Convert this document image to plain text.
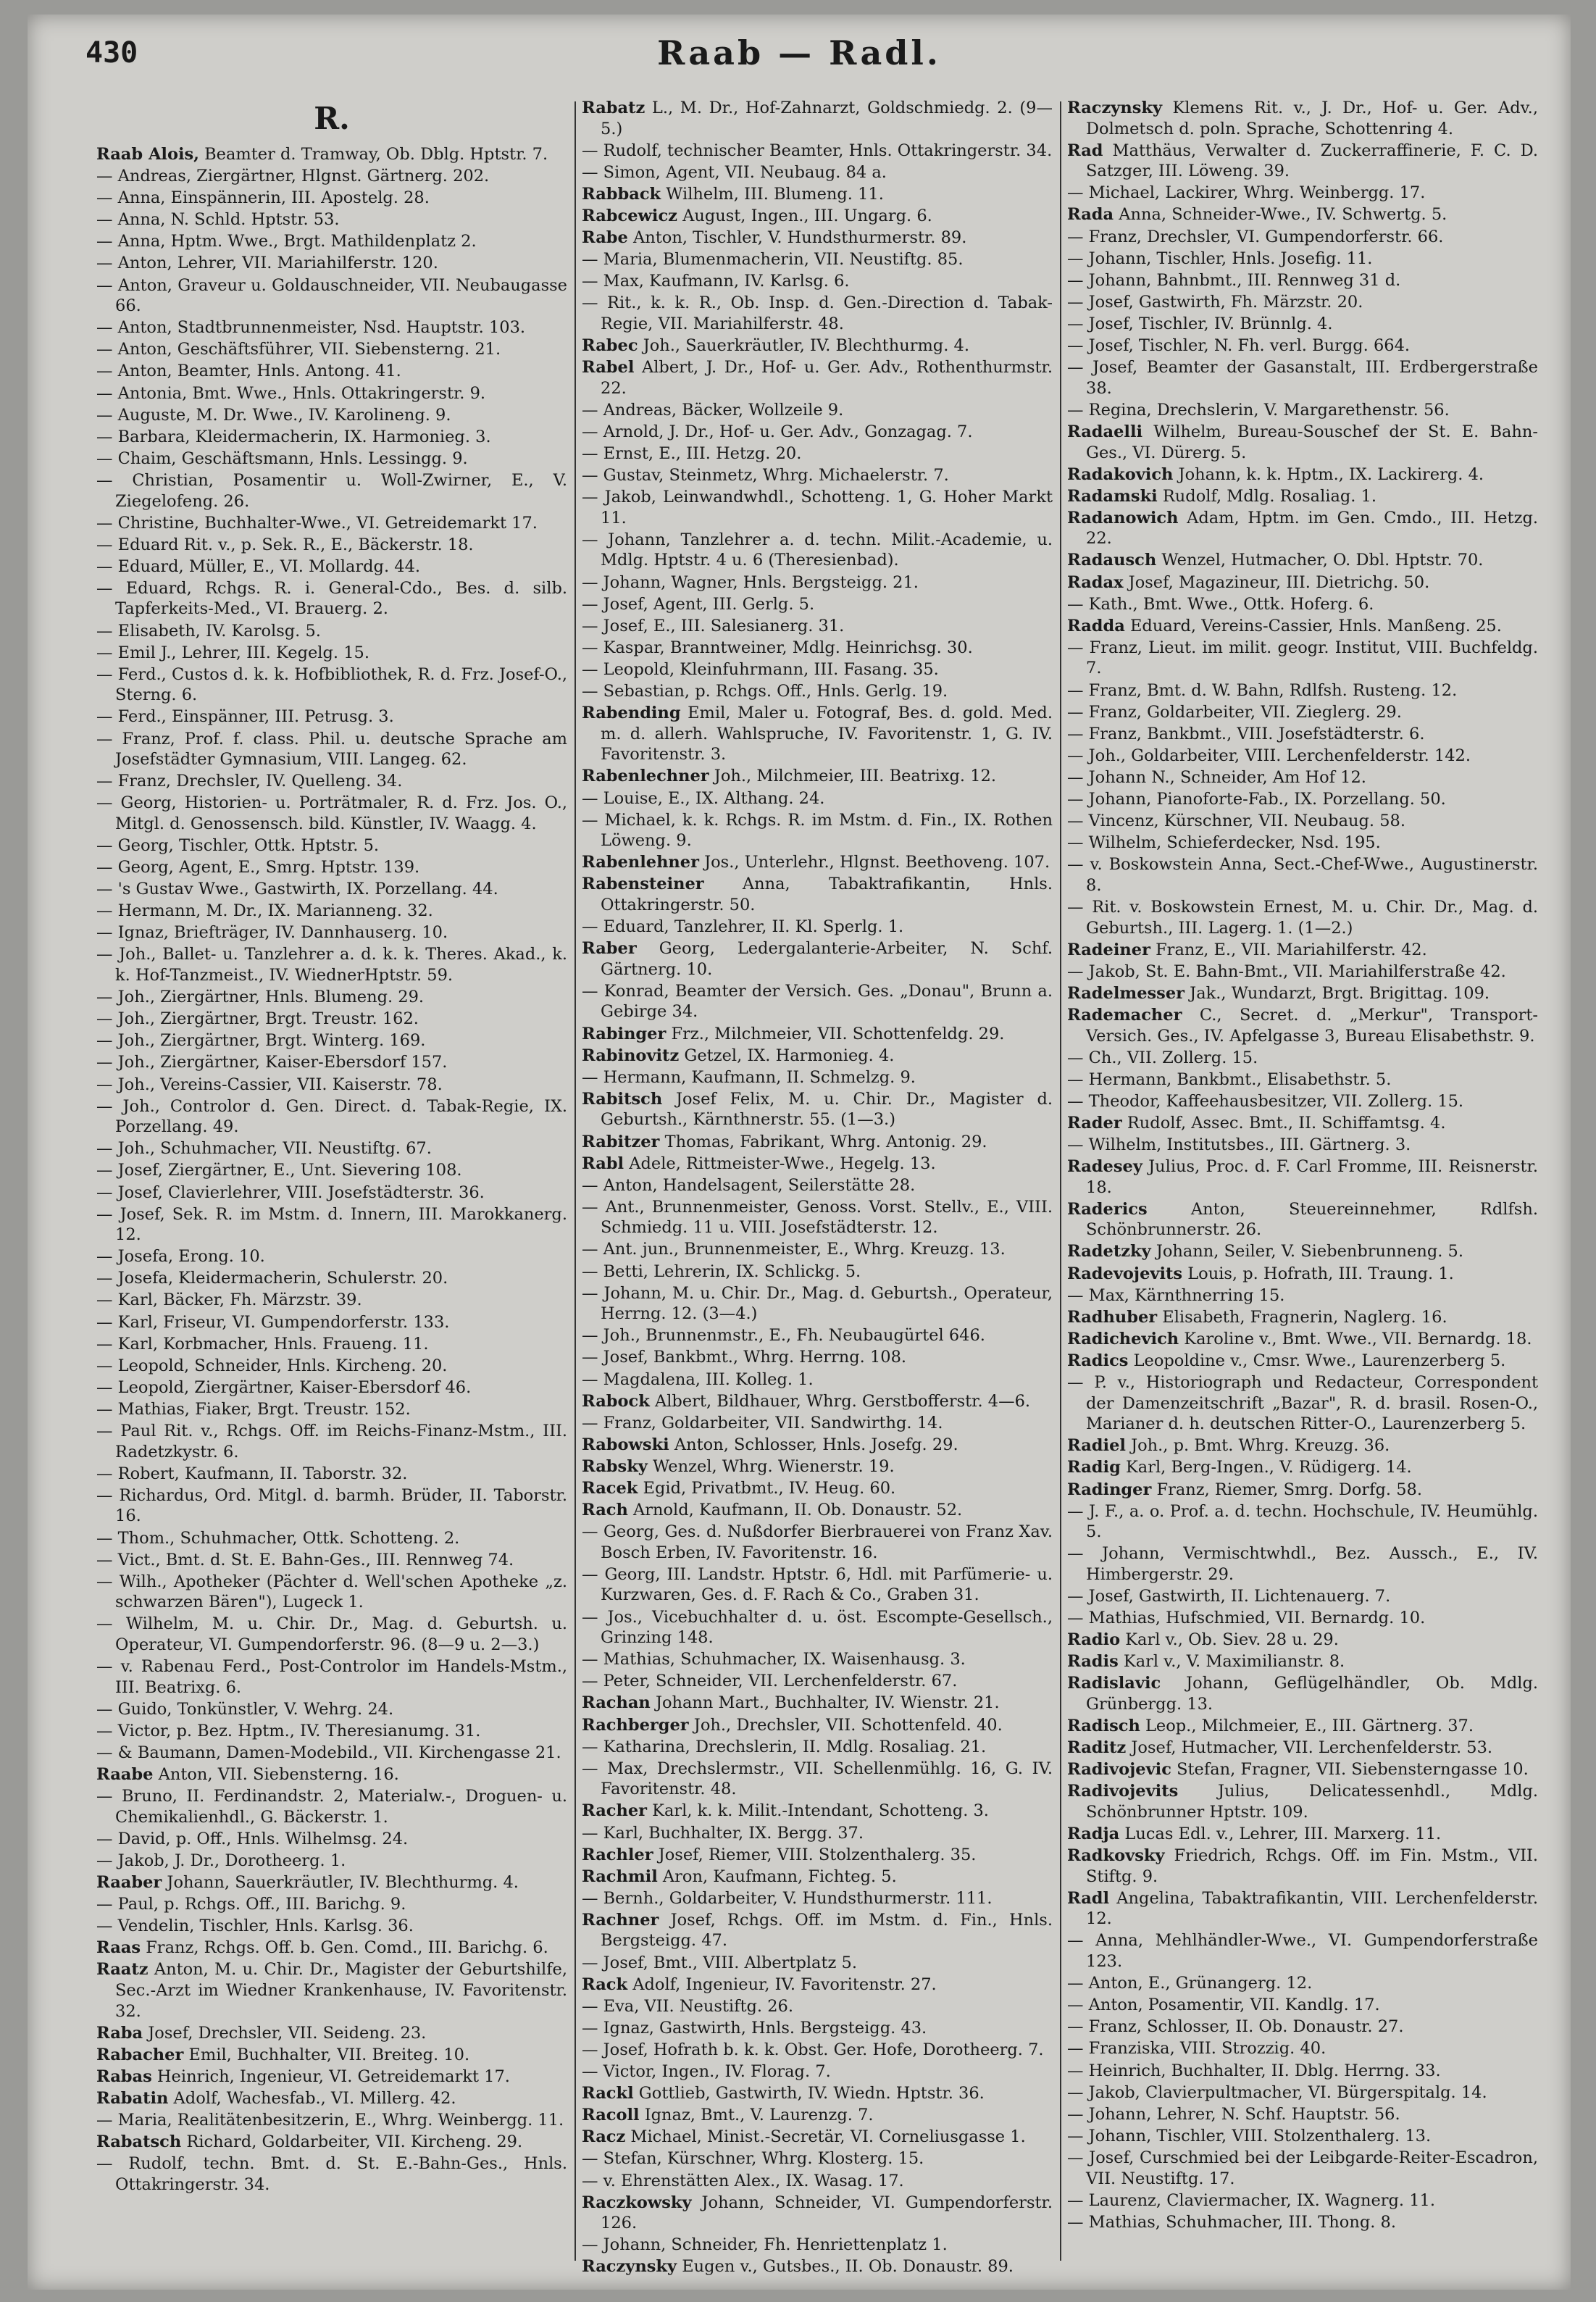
430	Raab — Radl.
R.

Raab Alois, Beamter d. Tramway, Ob. Dblg. Hptstr. 7.

— Andreas, Ziergärtner, Hlgnst. Gärtnerg. 202.

— Anna, Einspännerin, III. Apostelg. 28.

— Anna, N. Schld. Hptstr. 53.

— Anna, Hptm. Wwe., Brgt. Mathildenplatz 2.

— Anton, Lehrer, VII. Mariahilferstr. 120.

— Anton, Graveur u. Goldauschneider, VII. Neubaugasse 66.

— Anton, Stadtbrunnenmeister, Nsd. Hauptstr. 103.

— Anton, Geschäftsführer, VII. Siebensterng. 21.

— Anton, Beamter, Hnls. Antong. 41.

— Antonia, Bmt. Wwe., Hnls. Ottakringerstr. 9.

— Auguste, M. Dr. Wwe., IV. Karolineng. 9.

— Barbara, Kleidermacherin, IX. Harmonieg. 3.

— Chaim, Geschäftsmann, Hnls. Lessingg. 9.

— Christian, Posamentir u. Woll-Zwirner, E., V. Ziegelofeng. 26.

— Christine, Buchhalter-Wwe., VI. Getreidemarkt 17.

— Eduard Rit. v., p. Sek. R., E., Bäckerstr. 18.

— Eduard, Müller, E., VI. Mollardg. 44.

— Eduard, Rchgs. R. i. General-Cdo., Bes. d. silb. Tapferkeits-Med., VI. Brauerg. 2.

— Elisabeth, IV. Karolsg. 5.

— Emil J., Lehrer, III. Kegelg. 15.

— Ferd., Custos d. k. k. Hofbibliothek, R. d. Frz. Josef-O., Sterng. 6.

— Ferd., Einspänner, III. Petrusg. 3.

— Franz, Prof. f. class. Phil. u. deutsche Sprache am Josefstädter Gymnasium, VIII. Langeg. 62.

— Franz, Drechsler, IV. Quelleng. 34.

— Georg, Historien- u. Porträtmaler, R. d. Frz. Jos. O., Mitgl. d. Genossensch. bild. Künstler, IV. Waagg. 4.

— Georg, Tischler, Ottk. Hptstr. 5.

— Georg, Agent, E., Smrg. Hptstr. 139.

— 's Gustav Wwe., Gastwirth, IX. Porzellang. 44.

— Hermann, M. Dr., IX. Marianneng. 32.

— Ignaz, Briefträger, IV. Dannhauserg. 10.

— Joh., Ballet- u. Tanzlehrer a. d. k. k. Theres. Akad., k. k. Hof-Tanzmeist., IV. WiednerHptstr. 59.

— Joh., Ziergärtner, Hnls. Blumeng. 29.

— Joh., Ziergärtner, Brgt. Treustr. 162.

— Joh., Ziergärtner, Brgt. Winterg. 169.

— Joh., Ziergärtner, Kaiser-Ebersdorf 157.

— Joh., Vereins-Cassier, VII. Kaiserstr. 78.

— Joh., Controlor d. Gen. Direct. d. Tabak-Regie, IX. Porzellang. 49.

— Joh., Schuhmacher, VII. Neustiftg. 67.

— Josef, Ziergärtner, E., Unt. Sievering 108.

— Josef, Clavierlehrer, VIII. Josefstädterstr. 36.

— Josef, Sek. R. im Mstm. d. Innern, III. Marokkanerg. 12.

— Josefa, Erong. 10.

— Josefa, Kleidermacherin, Schulerstr. 20.

— Karl, Bäcker, Fh. Märzstr. 39.

— Karl, Friseur, VI. Gumpendorferstr. 133.

— Karl, Korbmacher, Hnls. Fraueng. 11.

— Leopold, Schneider, Hnls. Kircheng. 20.

— Leopold, Ziergärtner, Kaiser-Ebersdorf 46.

— Mathias, Fiaker, Brgt. Treustr. 152.

— Paul Rit. v., Rchgs. Off. im Reichs-Finanz-Mstm., III. Radetzkystr. 6.

— Robert, Kaufmann, II. Taborstr. 32.

— Richardus, Ord. Mitgl. d. barmh. Brüder, II. Taborstr. 16.

— Thom., Schuhmacher, Ottk. Schotteng. 2.

— Vict., Bmt. d. St. E. Bahn-Ges., III. Rennweg 74.

— Wilh., Apotheker (Pächter d. Well'schen Apotheke „z. schwarzen Bären"), Lugeck 1.

— Wilhelm, M. u. Chir. Dr., Mag. d. Geburtsh. u. Operateur, VI. Gumpendorferstr. 96. (8—9 u. 2—3.)

— v. Rabenau Ferd., Post-Controlor im Handels-Mstm., III. Beatrixg. 6.

— Guido, Tonkünstler, V. Wehrg. 24.

— Victor, p. Bez. Hptm., IV. Theresianumg. 31.

— & Baumann, Damen-Modebild., VII. Kirchengasse 21.

Raabe Anton, VII. Siebensterng. 16.

— Bruno, II. Ferdinandstr. 2, Materialw.-, Droguen- u. Chemikalienhdl., G. Bäckerstr. 1.

— David, p. Off., Hnls. Wilhelmsg. 24.

— Jakob, J. Dr., Dorotheerg. 1.

Raaber Johann, Sauerkräutler, IV. Blechthurmg. 4.

— Paul, p. Rchgs. Off., III. Barichg. 9.

— Vendelin, Tischler, Hnls. Karlsg. 36.

Raas Franz, Rchgs. Off. b. Gen. Comd., III. Barichg. 6.

Raatz Anton, M. u. Chir. Dr., Magister der Geburtshilfe, Sec.-Arzt im Wiedner Krankenhause, IV. Favoritenstr. 32.

Raba Josef, Drechsler, VII. Seideng. 23.

Rabacher Emil, Buchhalter, VII. Breiteg. 10.

Rabas Heinrich, Ingenieur, VI. Getreidemarkt 17.

Rabatin Adolf, Wachesfab., VI. Millerg. 42.

— Maria, Realitätenbesitzerin, E., Whrg. Weinbergg. 11.

Rabatsch Richard, Goldarbeiter, VII. Kircheng. 29.

— Rudolf, techn. Bmt. d. St. E.-Bahn-Ges., Hnls. Ottakringerstr. 34.

Rabatz L., M. Dr., Hof-Zahnarzt, Goldschmiedg. 2. (9—5.)

— Rudolf, technischer Beamter, Hnls. Ottakringerstr. 34.

— Simon, Agent, VII. Neubaug. 84 a.

Rabback Wilhelm, III. Blumeng. 11.

Rabcewicz August, Ingen., III. Ungarg. 6.

Rabe Anton, Tischler, V. Hundsthurmerstr. 89.

— Maria, Blumenmacherin, VII. Neustiftg. 85.

— Max, Kaufmann, IV. Karlsg. 6.

— Rit., k. k. R., Ob. Insp. d. Gen.-Direction d. Tabak-Regie, VII. Mariahilferstr. 48.

Rabec Joh., Sauerkräutler, IV. Blechthurmg. 4.

Rabel Albert, J. Dr., Hof- u. Ger. Adv., Rothenthurmstr. 22.

— Andreas, Bäcker, Wollzeile 9.

— Arnold, J. Dr., Hof- u. Ger. Adv., Gonzagag. 7.

— Ernst, E., III. Hetzg. 20.

— Gustav, Steinmetz, Whrg. Michaelerstr. 7.

— Jakob, Leinwandwhdl., Schotteng. 1, G. Hoher Markt 11.

— Johann, Tanzlehrer a. d. techn. Milit.-Academie, u. Mdlg. Hptstr. 4 u. 6 (Theresienbad).

— Johann, Wagner, Hnls. Bergsteigg. 21.

— Josef, Agent, III. Gerlg. 5.

— Josef, E., III. Salesianerg. 31.

— Kaspar, Branntweiner, Mdlg. Heinrichsg. 30.

— Leopold, Kleinfuhrmann, III. Fasang. 35.

— Sebastian, p. Rchgs. Off., Hnls. Gerlg. 19.

Rabending Emil, Maler u. Fotograf, Bes. d. gold. Med. m. d. allerh. Wahlspruche, IV. Favoritenstr. 1, G. IV. Favoritenstr. 3.

Rabenlechner Joh., Milchmeier, III. Beatrixg. 12.

— Louise, E., IX. Althang. 24.

— Michael, k. k. Rchgs. R. im Mstm. d. Fin., IX. Rothen Löweng. 9.

Rabenlehner Jos., Unterlehr., Hlgnst. Beethoveng. 107.

Rabensteiner Anna, Tabaktrafikantin, Hnls. Ottakringerstr. 50.

— Eduard, Tanzlehrer, II. Kl. Sperlg. 1.

Raber Georg, Ledergalanterie-Arbeiter, N. Schf. Gärtnerg. 10.

— Konrad, Beamter der Versich. Ges. „Donau", Brunn a. Gebirge 34.

Rabinger Frz., Milchmeier, VII. Schottenfeldg. 29.

Rabinovitz Getzel, IX. Harmonieg. 4.

— Hermann, Kaufmann, II. Schmelzg. 9.

Rabitsch Josef Felix, M. u. Chir. Dr., Magister d. Geburtsh., Kärnthnerstr. 55. (1—3.)

Rabitzer Thomas, Fabrikant, Whrg. Antonig. 29.

Rabl Adele, Rittmeister-Wwe., Hegelg. 13.

— Anton, Handelsagent, Seilerstätte 28.

— Ant., Brunnenmeister, Genoss. Vorst. Stellv., E., VIII. Schmiedg. 11 u. VIII. Josefstädterstr. 12.

— Ant. jun., Brunnenmeister, E., Whrg. Kreuzg. 13.

— Betti, Lehrerin, IX. Schlickg. 5.

— Johann, M. u. Chir. Dr., Mag. d. Geburtsh., Operateur, Herrng. 12. (3—4.)

— Joh., Brunnenmstr., E., Fh. Neubaugürtel 646.

— Josef, Bankbmt., Whrg. Herrng. 108.

— Magdalena, III. Kolleg. 1.

Rabock Albert, Bildhauer, Whrg. Gerstbofferstr. 4—6.

— Franz, Goldarbeiter, VII. Sandwirthg. 14.

Rabowski Anton, Schlosser, Hnls. Josefg. 29.

Rabsky Wenzel, Whrg. Wienerstr. 19.

Racek Egid, Privatbmt., IV. Heug. 60.

Rach Arnold, Kaufmann, II. Ob. Donaustr. 52.

— Georg, Ges. d. Nußdorfer Bierbrauerei von Franz Xav. Bosch Erben, IV. Favoritenstr. 16.

— Georg, III. Landstr. Hptstr. 6, Hdl. mit Parfümerie- u. Kurzwaren, Ges. d. F. Rach & Co., Graben 31.

— Jos., Vicebuchhalter d. u. öst. Escompte-Gesellsch., Grinzing 148.

— Mathias, Schuhmacher, IX. Waisenhausg. 3.

— Peter, Schneider, VII. Lerchenfelderstr. 67.

Rachan Johann Mart., Buchhalter, IV. Wienstr. 21.

Rachberger Joh., Drechsler, VII. Schottenfeld. 40.

— Katharina, Drechslerin, II. Mdlg. Rosaliag. 21.

— Max, Drechslermstr., VII. Schellenmühlg. 16, G. IV. Favoritenstr. 48.

Racher Karl, k. k. Milit.-Intendant, Schotteng. 3.

— Karl, Buchhalter, IX. Bergg. 37.

Rachler Josef, Riemer, VIII. Stolzenthalerg. 35.

Rachmil Aron, Kaufmann, Fichteg. 5.

— Bernh., Goldarbeiter, V. Hundsthurmerstr. 111.

Rachner Josef, Rchgs. Off. im Mstm. d. Fin., Hnls. Bergsteigg. 47.

— Josef, Bmt., VIII. Albertplatz 5.

Rack Adolf, Ingenieur, IV. Favoritenstr. 27.

— Eva, VII. Neustiftg. 26.

— Ignaz, Gastwirth, Hnls. Bergsteigg. 43.

— Josef, Hofrath b. k. k. Obst. Ger. Hofe, Dorotheerg. 7.

— Victor, Ingen., IV. Florag. 7.

Rackl Gottlieb, Gastwirth, IV. Wiedn. Hptstr. 36.

Racoll Ignaz, Bmt., V. Laurenzg. 7.

Racz Michael, Minist.-Secretär, VI. Corneliusgasse 1.

— Stefan, Kürschner, Whrg. Klosterg. 15.

— v. Ehrenstätten Alex., IX. Wasag. 17.

Raczkowsky Johann, Schneider, VI. Gumpendorferstr. 126.

— Johann, Schneider, Fh. Henriettenplatz 1.

Raczynsky Eugen v., Gutsbes., II. Ob. Donaustr. 89.

Raczynsky Klemens Rit. v., J. Dr., Hof- u. Ger. Adv., Dolmetsch d. poln. Sprache, Schottenring 4.

Rad Matthäus, Verwalter d. Zuckerraffinerie, F. C. D. Satzger, III. Löweng. 39.

— Michael, Lackirer, Whrg. Weinbergg. 17.

Rada Anna, Schneider-Wwe., IV. Schwertg. 5.

— Franz, Drechsler, VI. Gumpendorferstr. 66.

— Johann, Tischler, Hnls. Josefig. 11.

— Johann, Bahnbmt., III. Rennweg 31 d.

— Josef, Gastwirth, Fh. Märzstr. 20.

— Josef, Tischler, IV. Brünnlg. 4.

— Josef, Tischler, N. Fh. verl. Burgg. 664.

— Josef, Beamter der Gasanstalt, III. Erdbergerstraße 38.

— Regina, Drechslerin, V. Margarethenstr. 56.

Radaelli Wilhelm, Bureau-Souschef der St. E. Bahn-Ges., VI. Dürerg. 5.

Radakovich Johann, k. k. Hptm., IX. Lackirerg. 4.

Radamski Rudolf, Mdlg. Rosaliag. 1.

Radanowich Adam, Hptm. im Gen. Cmdo., III. Hetzg. 22.

Radausch Wenzel, Hutmacher, O. Dbl. Hptstr. 70.

Radax Josef, Magazineur, III. Dietrichg. 50.

— Kath., Bmt. Wwe., Ottk. Hoferg. 6.

Radda Eduard, Vereins-Cassier, Hnls. Manßeng. 25.

— Franz, Lieut. im milit. geogr. Institut, VIII. Buchfeldg. 7.

— Franz, Bmt. d. W. Bahn, Rdlfsh. Rusteng. 12.

— Franz, Goldarbeiter, VII. Zieglerg. 29.

— Franz, Bankbmt., VIII. Josefstädterstr. 6.

— Joh., Goldarbeiter, VIII. Lerchenfelderstr. 142.

— Johann N., Schneider, Am Hof 12.

— Johann, Pianoforte-Fab., IX. Porzellang. 50.

— Vincenz, Kürschner, VII. Neubaug. 58.

— Wilhelm, Schieferdecker, Nsd. 195.

— v. Boskowstein Anna, Sect.-Chef-Wwe., Augustinerstr. 8.

— Rit. v. Boskowstein Ernest, M. u. Chir. Dr., Mag. d. Geburtsh., III. Lagerg. 1. (1—2.)

Radeiner Franz, E., VII. Mariahilferstr. 42.

— Jakob, St. E. Bahn-Bmt., VII. Mariahilferstraße 42.

Radelmesser Jak., Wundarzt, Brgt. Brigittag. 109.

Rademacher C., Secret. d. „Merkur", Transport-Versich. Ges., IV. Apfelgasse 3, Bureau Elisabethstr. 9.

— Ch., VII. Zollerg. 15.

— Hermann, Bankbmt., Elisabethstr. 5.

— Theodor, Kaffeehausbesitzer, VII. Zollerg. 15.

Rader Rudolf, Assec. Bmt., II. Schiffamtsg. 4.

— Wilhelm, Institutsbes., III. Gärtnerg. 3.

Radesey Julius, Proc. d. F. Carl Fromme, III. Reisnerstr. 18.

Raderics Anton, Steuereinnehmer, Rdlfsh. Schönbrunnerstr. 26.

Radetzky Johann, Seiler, V. Siebenbrunneng. 5.

Radevojevits Louis, p. Hofrath, III. Traung. 1.

— Max, Kärnthnerring 15.

Radhuber Elisabeth, Fragnerin, Naglerg. 16.

Radichevich Karoline v., Bmt. Wwe., VII. Bernardg. 18.

Radics Leopoldine v., Cmsr. Wwe., Laurenzerberg 5.

— P. v., Historiograph und Redacteur, Correspondent der Damenzeitschrift „Bazar", R. d. brasil. Rosen-O., Marianer d. h. deutschen Ritter-O., Laurenzerberg 5.

Radiel Joh., p. Bmt. Whrg. Kreuzg. 36.

Radig Karl, Berg-Ingen., V. Rüdigerg. 14.

Radinger Franz, Riemer, Smrg. Dorfg. 58.

— J. F., a. o. Prof. a. d. techn. Hochschule, IV. Heumühlg. 5.

— Johann, Vermischtwhdl., Bez. Aussch., E., IV. Himbergerstr. 29.

— Josef, Gastwirth, II. Lichtenauerg. 7.

— Mathias, Hufschmied, VII. Bernardg. 10.

Radio Karl v., Ob. Siev. 28 u. 29.

Radis Karl v., V. Maximilianstr. 8.

Radislavic Johann, Geflügelhändler, Ob. Mdlg. Grünbergg. 13.

Radisch Leop., Milchmeier, E., III. Gärtnerg. 37.

Raditz Josef, Hutmacher, VII. Lerchenfelderstr. 53.

Radivojevic Stefan, Fragner, VII. Siebensterngasse 10.

Radivojevits Julius, Delicatessenhdl., Mdlg. Schönbrunner Hptstr. 109.

Radja Lucas Edl. v., Lehrer, III. Marxerg. 11.

Radkovsky Friedrich, Rchgs. Off. im Fin. Mstm., VII. Stiftg. 9.

Radl Angelina, Tabaktrafikantin, VIII. Lerchenfelderstr. 12.

— Anna, Mehlhändler-Wwe., VI. Gumpendorferstraße 123.

— Anton, E., Grünangerg. 12.

— Anton, Posamentir, VII. Kandlg. 17.

— Franz, Schlosser, II. Ob. Donaustr. 27.

— Franziska, VIII. Strozzig. 40.

— Heinrich, Buchhalter, II. Dblg. Herrng. 33.

— Jakob, Clavierpultmacher, VI. Bürgerspitalg. 14.

— Johann, Lehrer, N. Schf. Hauptstr. 56.

— Johann, Tischler, VIII. Stolzenthalerg. 13.

— Josef, Curschmied bei der Leibgarde-Reiter-Escadron, VII. Neustiftg. 17.

— Laurenz, Claviermacher, IX. Wagnerg. 11.

— Mathias, Schuhmacher, III. Thong. 8.
